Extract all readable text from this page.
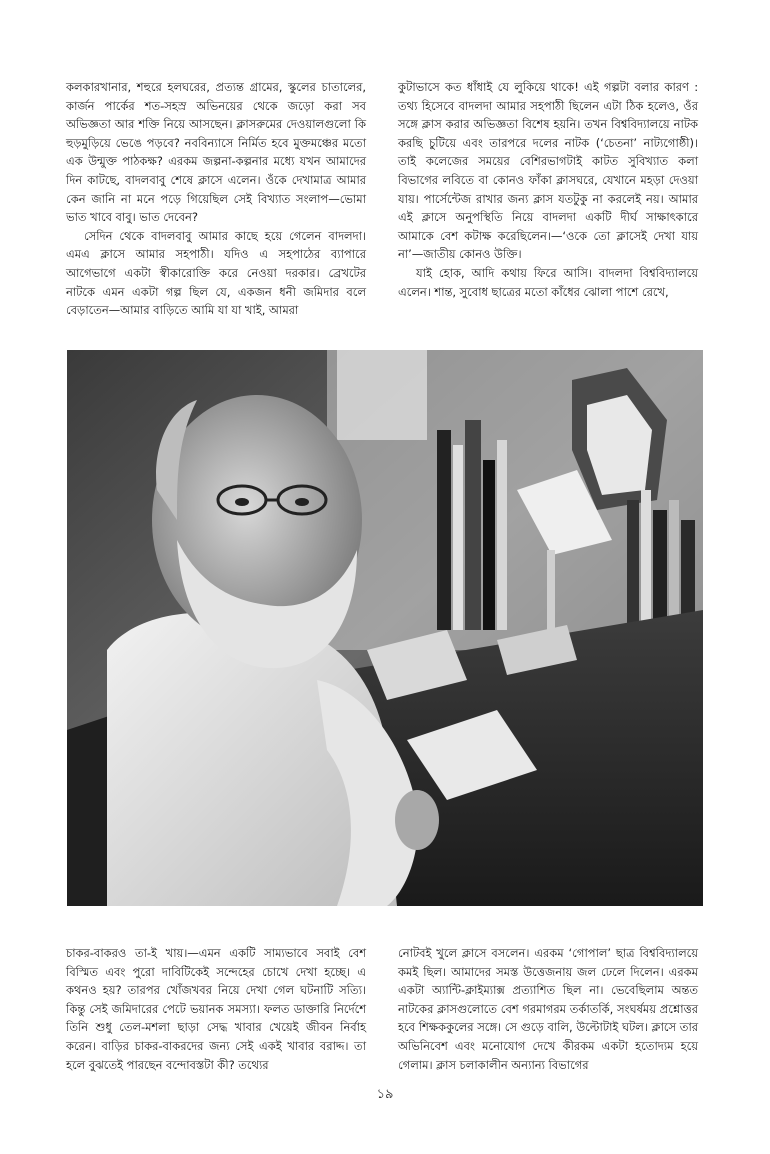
কলকারখানার, শহুরে হলঘরের, প্রত্যন্ত গ্রামের, স্কুলের চাতালের, কার্জন পার্কের শত-সহস্র অভিনয়ের থেকে জড়ো করা সব অভিজ্ঞতা আর শক্তি নিয়ে আসছেন। ক্লাসরুমের দেওয়ালগুলো কি হুড়মুড়িয়ে ভেঙে পড়বে? নববিন্যাসে নির্মিত হবে মুক্তমঞ্চের মতো এক উন্মুক্ত পাঠকক্ষ? এরকম জল্পনা-কল্পনার মধ্যে যখন আমাদের দিন কাটছে, বাদলবাবু শেষে ক্লাসে এলেন। ওঁকে দেখামাত্র আমার কেন জানি না মনে পড়ে গিয়েছিল সেই বিখ্যাত সংলাপ—ভোমা ভাত খাবে বাবু। ভাত দেবেন?

সেদিন থেকে বাদলবাবু আমার কাছে হয়ে গেলেন বাদলদা। এমএ ক্লাসে আমার সহপাঠী। যদিও এ সহপাঠের ব্যাপারে আগেভাগে একটা স্বীকারোক্তি করে নেওয়া দরকার। ব্রেখটের নাটকে এমন একটা গল্প ছিল যে, একজন ধনী জমিদার বলে বেড়াতেন—আমার বাড়িতে আমি যা যা খাই, আমরা

কুটাভাসে কত ধাঁধাই যে লুকিয়ে থাকে! এই গল্পটা বলার কারণ : তথ্য হিসেবে বাদলদা আমার সহপাঠী ছিলেন এটা ঠিক হলেও, ওঁর সঙ্গে ক্লাস করার অভিজ্ঞতা বিশেষ হয়নি। তখন বিশ্ববিদ্যালয়ে নাটক করছি চুটিয়ে এবং তারপরে দলের নাটক (‘চেতনা’ নাট্যগোষ্ঠী)। তাই কলেজের সময়ের বেশিরভাগটাই কাটত সুবিখ্যাত কলা বিভাগের লবিতে বা কোনও ফাঁকা ক্লাসঘরে, যেখানে মহড়া দেওয়া যায়। পার্সেন্টেজ রাখার জন্য ক্লাস যতটুকু না করলেই নয়। আমার এই ক্লাসে অনুপস্থিতি নিয়ে বাদলদা একটি দীর্ঘ সাক্ষাৎকারে আমাকে বেশ কটাক্ষ করেছিলেন।—‘ওকে তো ক্লাসেই দেখা যায় না’—জাতীয় কোনও উক্তি।

যাই হোক, আদি কথায় ফিরে আসি। বাদলদা বিশ্ববিদ্যালয়ে এলেন। শান্ত, সুবোধ ছাত্রের মতো কাঁধের ঝোলা পাশে রেখে,

চাকর-বাকরও তা-ই খায়।—এমন একটি সাম্যভাবে সবাই বেশ বিস্মিত এবং পুরো দাবিটিকেই সন্দেহের চোখে দেখা হচ্ছে। এ কথনও হয়? তারপর খোঁজখবর নিয়ে দেখা গেল ঘটনাটি সত্যি। কিন্তু সেই জমিদারের পেটে ভয়ানক সমস্যা। ফলত ডাক্তারি নির্দেশে তিনি শুধু তেল-মশলা ছাড়া সেদ্ধ খাবার খেয়েই জীবন নির্বাহ করেন। বাড়ির চাকর-বাকরদের জন্য সেই একই খাবার বরাদ্দ। তা হলে বুঝতেই পারছেন বন্দোবস্তটা কী? তথ্যের

নোটবই খুলে ক্লাসে বসলেন। এরকম ‘গোপাল’ ছাত্র বিশ্ববিদ্যালয়ে কমই ছিল। আমাদের সমস্ত উত্তেজনায় জল ঢেলে দিলেন। এরকম একটা অ্যান্টি-ক্লাইম্যাক্স প্রত্যাশিত ছিল না। ভেবেছিলাম অন্তত নাটকের ক্লাসগুলোতে বেশ গরমাগরম তর্কাতর্কি, সংঘর্ষময় প্রশ্নোত্তর হবে শিক্ষককুলের সঙ্গে। সে গুড়ে বালি, উল্টোটাই ঘটল। ক্লাসে তার অভিনিবেশ এবং মনোযোগ দেখে কীরকম একটা হতোদ্যম হয়ে গেলাম। ক্লাস চলাকালীন অন্যান্য বিভাগের

১৯
